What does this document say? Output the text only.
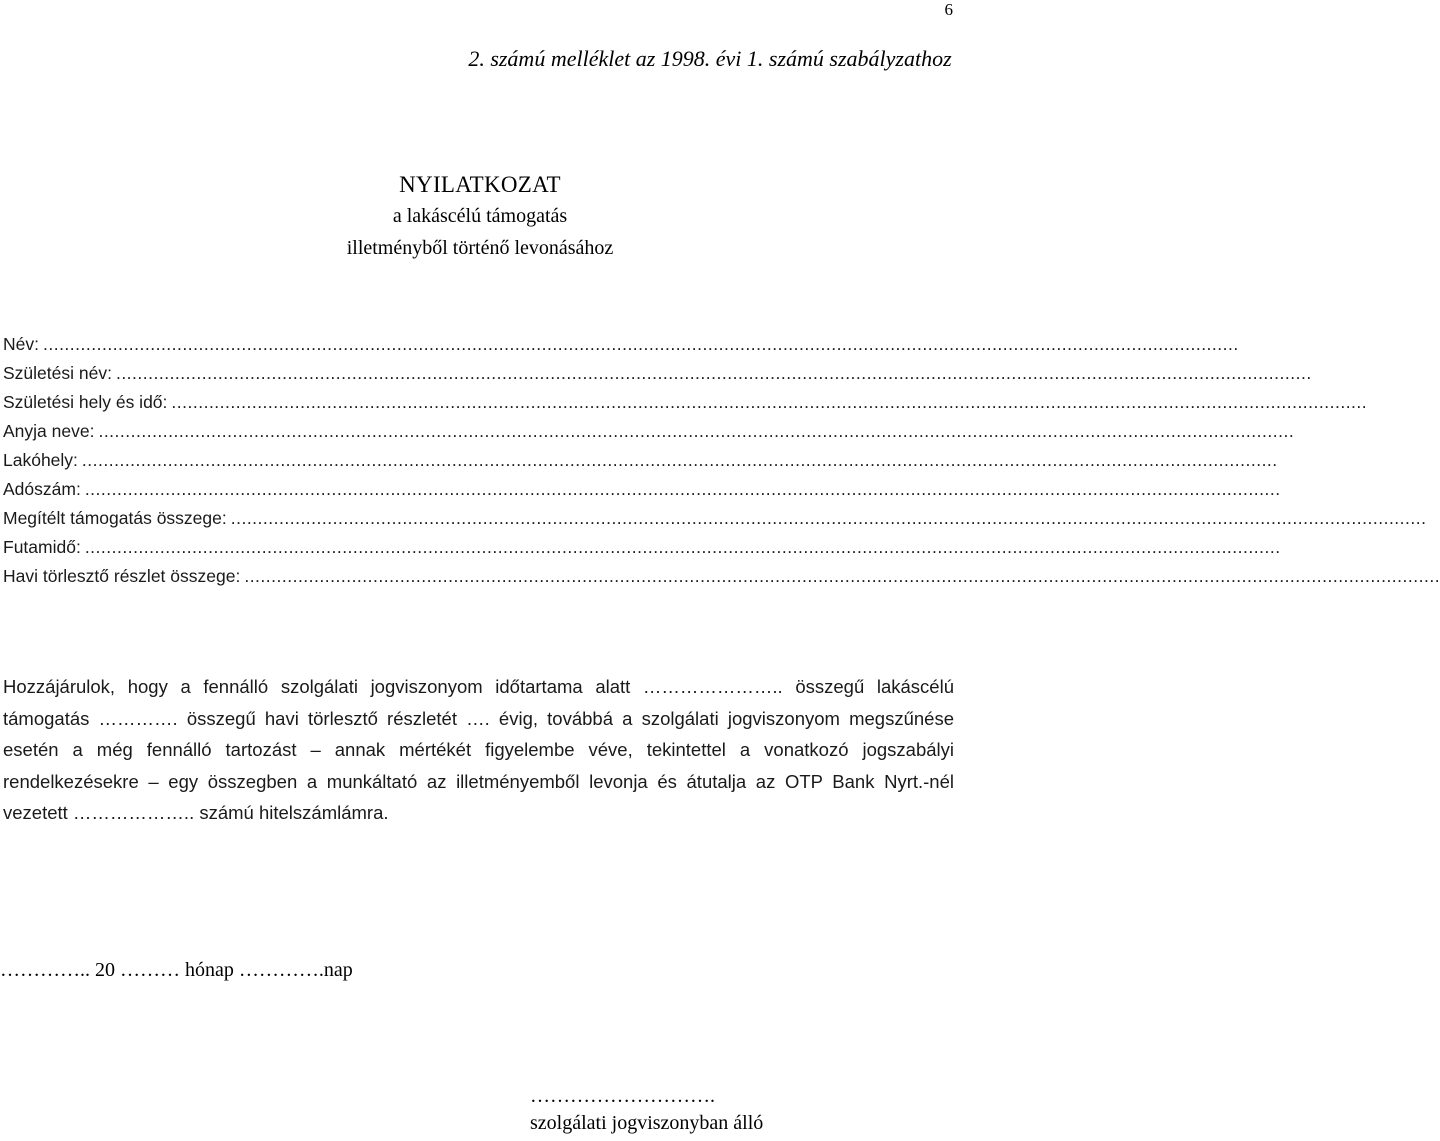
6
2. számú melléklet az 1998. évi 1. számú szabályzathoz
NYILATKOZAT
a lakáscélú támogatás
illetményből történő levonásához
Név: ...............................................................................................................................................................................................................................
Születési név: ...............................................................................................................................................................................................................................
Születési hely és idő: ...............................................................................................................................................................................................................................
Anyja neve: ...............................................................................................................................................................................................................................
Lakóhely: ...............................................................................................................................................................................................................................
Adószám: ...............................................................................................................................................................................................................................
Megítélt támogatás összege: ...............................................................................................................................................................................................................................
Futamidő: ...............................................................................................................................................................................................................................
Havi törlesztő részlet összege: ...............................................................................................................................................................................................................................
Hozzájárulok, hogy a fennálló szolgálati jogviszonyom időtartama alatt ………………….. összegű lakáscélú támogatás …………. összegű havi törlesztő részletét …. évig, továbbá a szolgálati jogviszonyom megszűnése esetén a még fennálló tartozást – annak mértékét figyelembe véve, tekintettel a vonatkozó jogszabályi rendelkezésekre – egy összegben a munkáltató az illetményemből levonja és átutalja az OTP Bank Nyrt.-nél vezetett ……………….. számú hitelszámlámra.
………….. 20 ……… hónap ………….nap
……………………….
szolgálati jogviszonyban álló
